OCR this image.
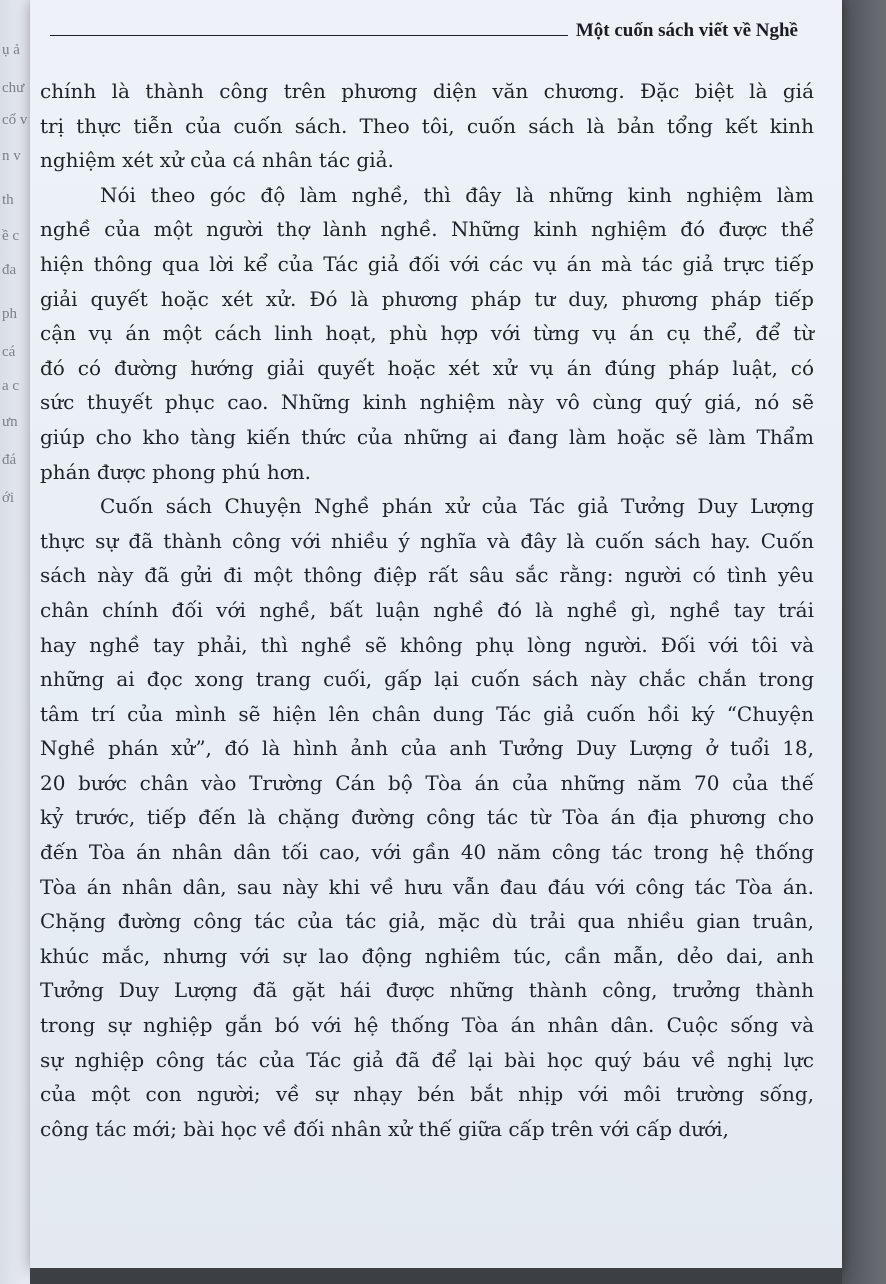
ụ ả
chư
cố v
n v
th
ề c
đa
ph
cá
a c
ưn
đá
ới
Một cuốn sách viết về Nghề
chính là thành công trên phương diện văn chương. Đặc biệt là giá
trị thực tiễn của cuốn sách. Theo tôi, cuốn sách là bản tổng kết kinh
nghiệm xét xử của cá nhân tác giả.
Nói theo góc độ làm nghề, thì đây là những kinh nghiệm làm
nghề của một người thợ lành nghề. Những kinh nghiệm đó được thể
hiện thông qua lời kể của Tác giả đối với các vụ án mà tác giả trực tiếp
giải quyết hoặc xét xử. Đó là phương pháp tư duy, phương pháp tiếp
cận vụ án một cách linh hoạt, phù hợp với từng vụ án cụ thể, để từ
đó có đường hướng giải quyết hoặc xét xử vụ án đúng pháp luật, có
sức thuyết phục cao. Những kinh nghiệm này vô cùng quý giá, nó sẽ
giúp cho kho tàng kiến thức của những ai đang làm hoặc sẽ làm Thẩm
phán được phong phú hơn.
Cuốn sách Chuyện Nghề phán xử của Tác giả Tưởng Duy Lượng
thực sự đã thành công với nhiều ý nghĩa và đây là cuốn sách hay. Cuốn
sách này đã gửi đi một thông điệp rất sâu sắc rằng: người có tình yêu
chân chính đối với nghề, bất luận nghề đó là nghề gì, nghề tay trái
hay nghề tay phải, thì nghề sẽ không phụ lòng người. Đối với tôi và
những ai đọc xong trang cuối, gấp lại cuốn sách này chắc chắn trong
tâm trí của mình sẽ hiện lên chân dung Tác giả cuốn hồi ký “Chuyện
Nghề phán xử”, đó là hình ảnh của anh Tưởng Duy Lượng ở tuổi 18,
20 bước chân vào Trường Cán bộ Tòa án của những năm 70 của thế
kỷ trước, tiếp đến là chặng đường công tác từ Tòa án địa phương cho
đến Tòa án nhân dân tối cao, với gần 40 năm công tác trong hệ thống
Tòa án nhân dân, sau này khi về hưu vẫn đau đáu với công tác Tòa án.
Chặng đường công tác của tác giả, mặc dù trải qua nhiều gian truân,
khúc mắc, nhưng với sự lao động nghiêm túc, cần mẫn, dẻo dai, anh
Tưởng Duy Lượng đã gặt hái được những thành công, trưởng thành
trong sự nghiệp gắn bó với hệ thống Tòa án nhân dân. Cuộc sống và
sự nghiệp công tác của Tác giả đã để lại bài học quý báu về nghị lực
của một con người; về sự nhạy bén bắt nhịp với môi trường sống,
công tác mới; bài học về đối nhân xử thế giữa cấp trên với cấp dưới,
